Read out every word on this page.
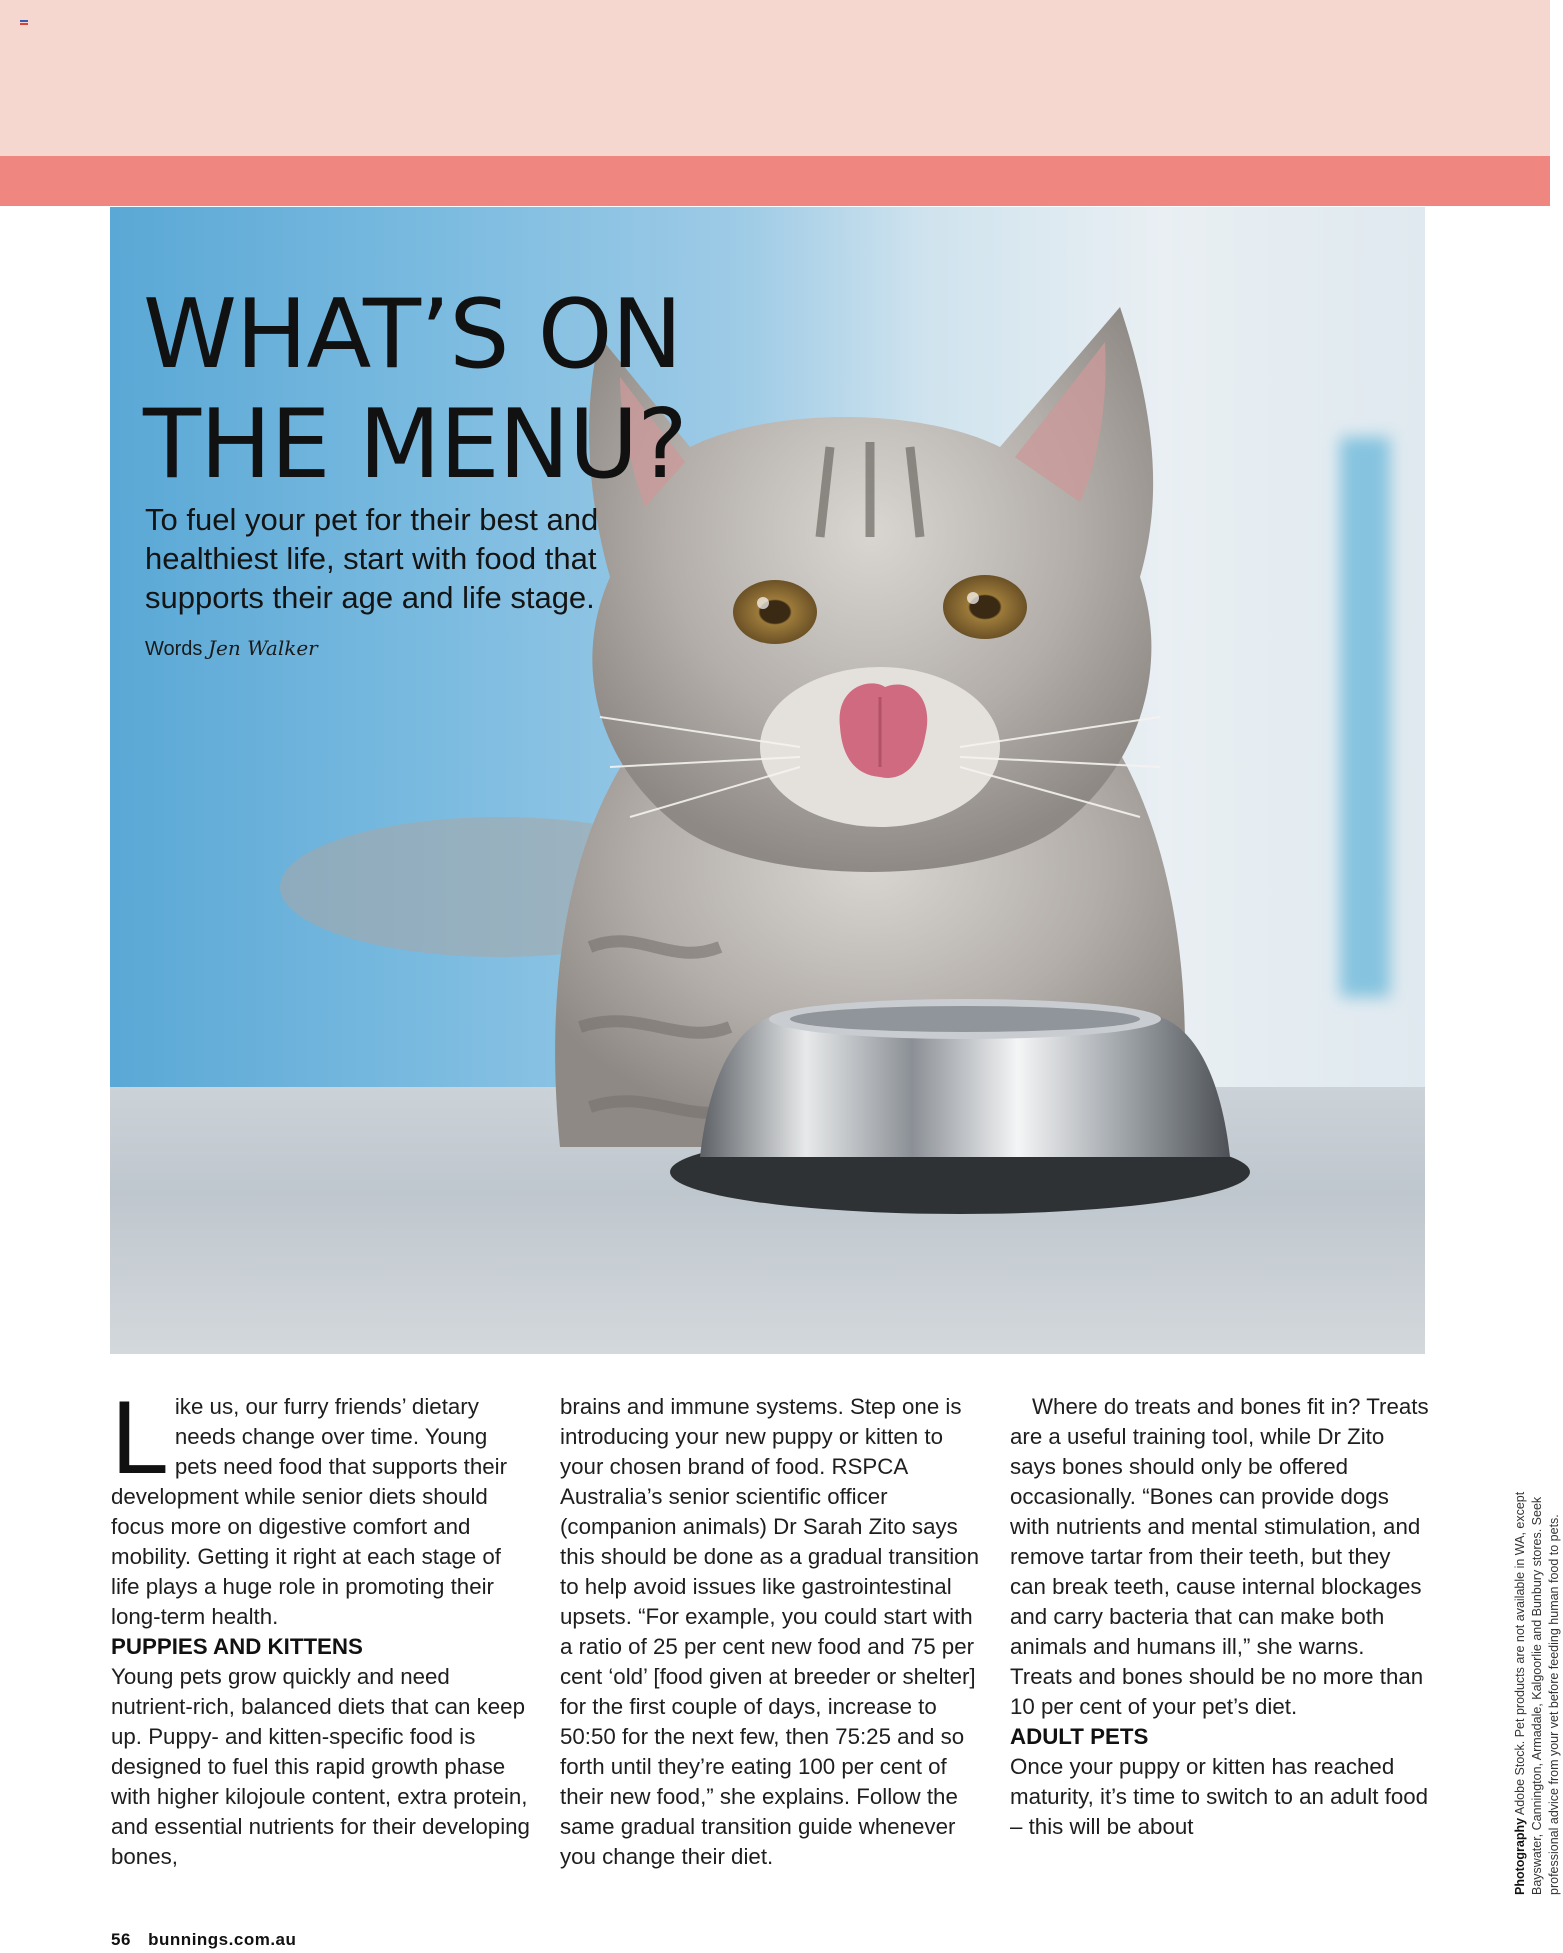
WHAT’S ON
THE MENU?

To fuel your pet for their best and
healthiest life, start with food that
supports their age and life stage.

Words Jen Walker

Like us, our furry friends’ dietary needs change over time. Young pets need food that supports their development while senior diets should focus more on digestive comfort and mobility. Getting it right at each stage of life plays a huge role in promoting their long-term health.

PUPPIES AND KITTENS

Young pets grow quickly and need nutrient-rich, balanced diets that can keep up. Puppy- and kitten-specific food is designed to fuel this rapid growth phase with higher kilojoule content, extra protein, and essential nutrients for their developing bones,

brains and immune systems. Step one is introducing your new puppy or kitten to your chosen brand of food. RSPCA Australia’s senior scientific officer (companion animals) Dr Sarah Zito says this should be done as a gradual transition to help avoid issues like gastrointestinal upsets. “For example, you could start with a ratio of 25 per cent new food and 75 per cent ‘old’ [food given at breeder or shelter] for the first couple of days, increase to 50:50 for the next few, then 75:25 and so forth until they’re eating 100 per cent of their new food,” she explains. Follow the same gradual transition guide whenever you change their diet.

Where do treats and bones fit in? Treats are a useful training tool, while Dr Zito says bones should only be offered occasionally. “Bones can provide dogs with nutrients and mental stimulation, and remove tartar from their teeth, but they can break teeth, cause internal blockages and carry bacteria that can make both animals and humans ill,” she warns. Treats and bones should be no more than 10 per cent of your pet’s diet.

ADULT PETS

Once your puppy or kitten has reached maturity, it’s time to switch to an adult food – this will be about	Photography Adobe Stock. Pet products are not available in WA, except Bayswater, Cannington, Armadale, Kalgoorlie and Bunbury stores. Seek professional advice from your vet before feeding human food to pets.
56 bunnings.com.au
